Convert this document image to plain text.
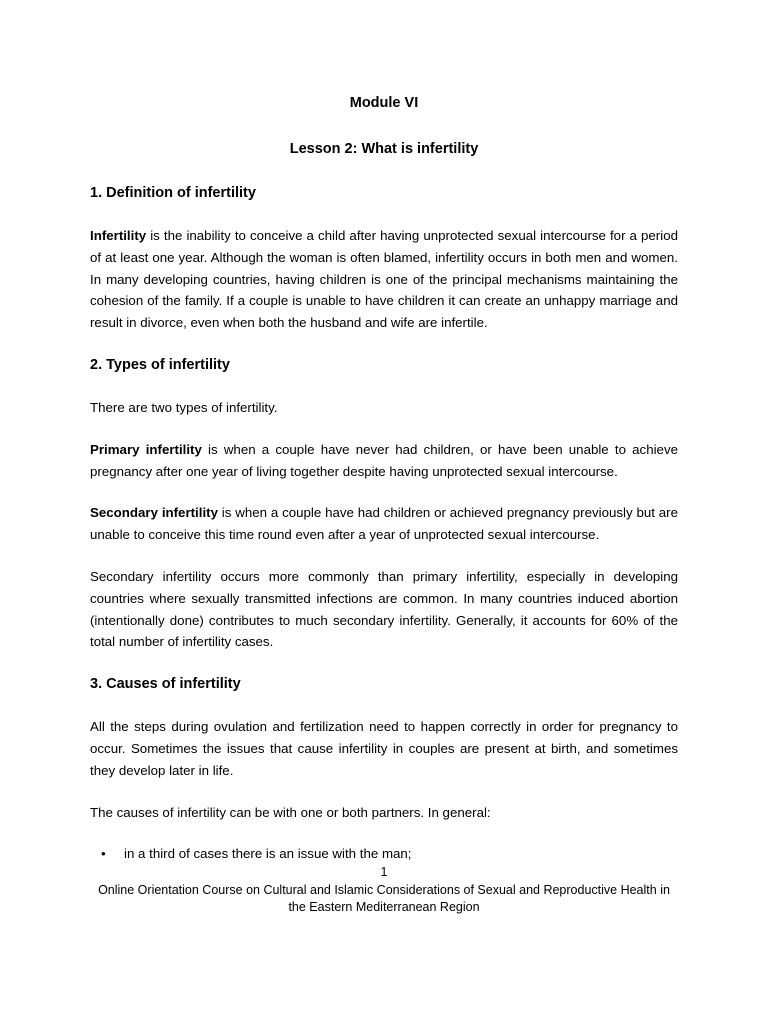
Module VI
Lesson 2: What is infertility
1. Definition of infertility

Infertility is the inability to conceive a child after having unprotected sexual intercourse for a period of at least one year. Although the woman is often blamed, infertility occurs in both men and women. In many developing countries, having children is one of the principal mechanisms maintaining the cohesion of the family. If a couple is unable to have children it can create an unhappy marriage and result in divorce, even when both the husband and wife are infertile.

2. Types of infertility

There are two types of infertility.

Primary infertility is when a couple have never had children, or have been unable to achieve pregnancy after one year of living together despite having unprotected sexual intercourse.

Secondary infertility is when a couple have had children or achieved pregnancy previously but are unable to conceive this time round even after a year of unprotected sexual intercourse.

Secondary infertility occurs more commonly than primary infertility, especially in developing countries where sexually transmitted infections are common. In many countries induced abortion (intentionally done) contributes to much secondary infertility. Generally, it accounts for 60% of the total number of infertility cases.

3. Causes of infertility

All the steps during ovulation and fertilization need to happen correctly in order for pregnancy to occur. Sometimes the issues that cause infertility in couples are present at birth, and sometimes they develop later in life.

The causes of infertility can be with one or both partners. In general:

• in a third of cases there is an issue with the man;
1
Online Orientation Course on Cultural and Islamic Considerations of Sexual and Reproductive Health in
the Eastern Mediterranean Region
